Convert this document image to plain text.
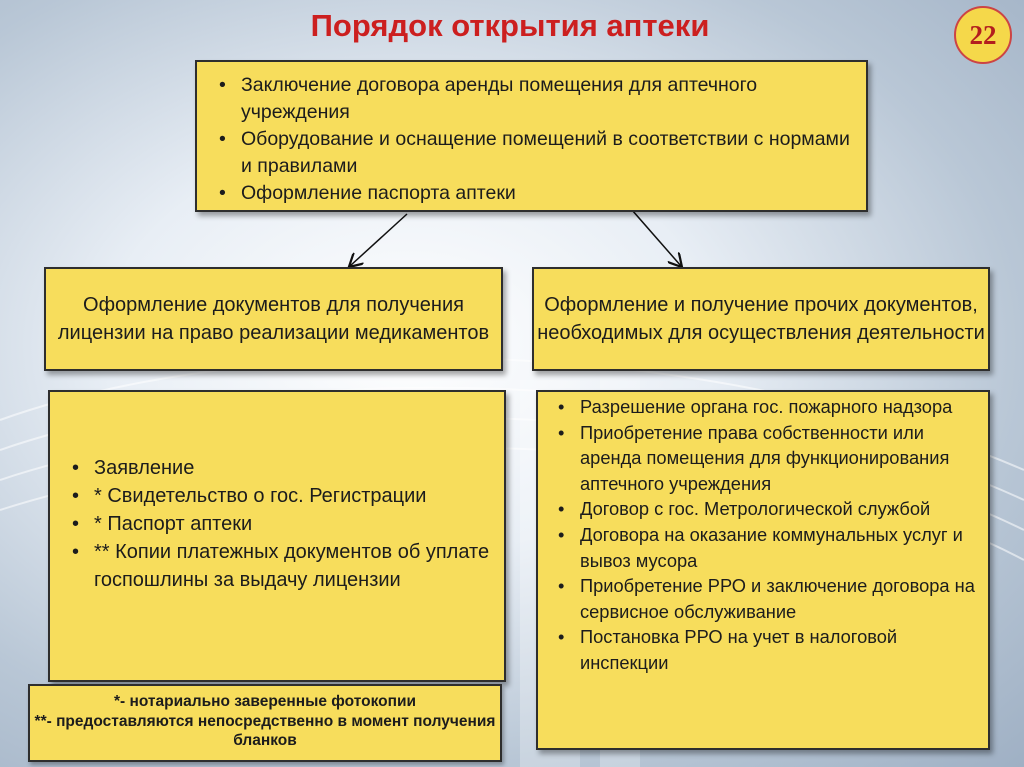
Порядок открытия аптеки	22
• Заключение договора аренды помещения для аптечного учреждения
• Оборудование и оснащение помещений в соответствии с нормами и правилами
• Оформление паспорта аптеки
Оформление документов для получения лицензии на право реализации медикаментов
Оформление и получение прочих документов, необходимых для осуществления деятельности
• Заявление
• * Свидетельство о гос. Регистрации
• * Паспорт аптеки
• ** Копии платежных документов об уплате госпошлины за выдачу лицензии
• Разрешение органа гос. пожарного надзора
• Приобретение права собственности или аренда помещения для функционирования аптечного учреждения
• Договор с гос. Метрологической службой
• Договора на оказание коммунальных услуг и вывоз мусора
• Приобретение РРО и заключение договора на сервисное обслуживание
• Постановка РРО на учет в налоговой инспекции
*- нотариально заверенные фотокопии
**- предоставляются непосредственно в момент получения бланков
